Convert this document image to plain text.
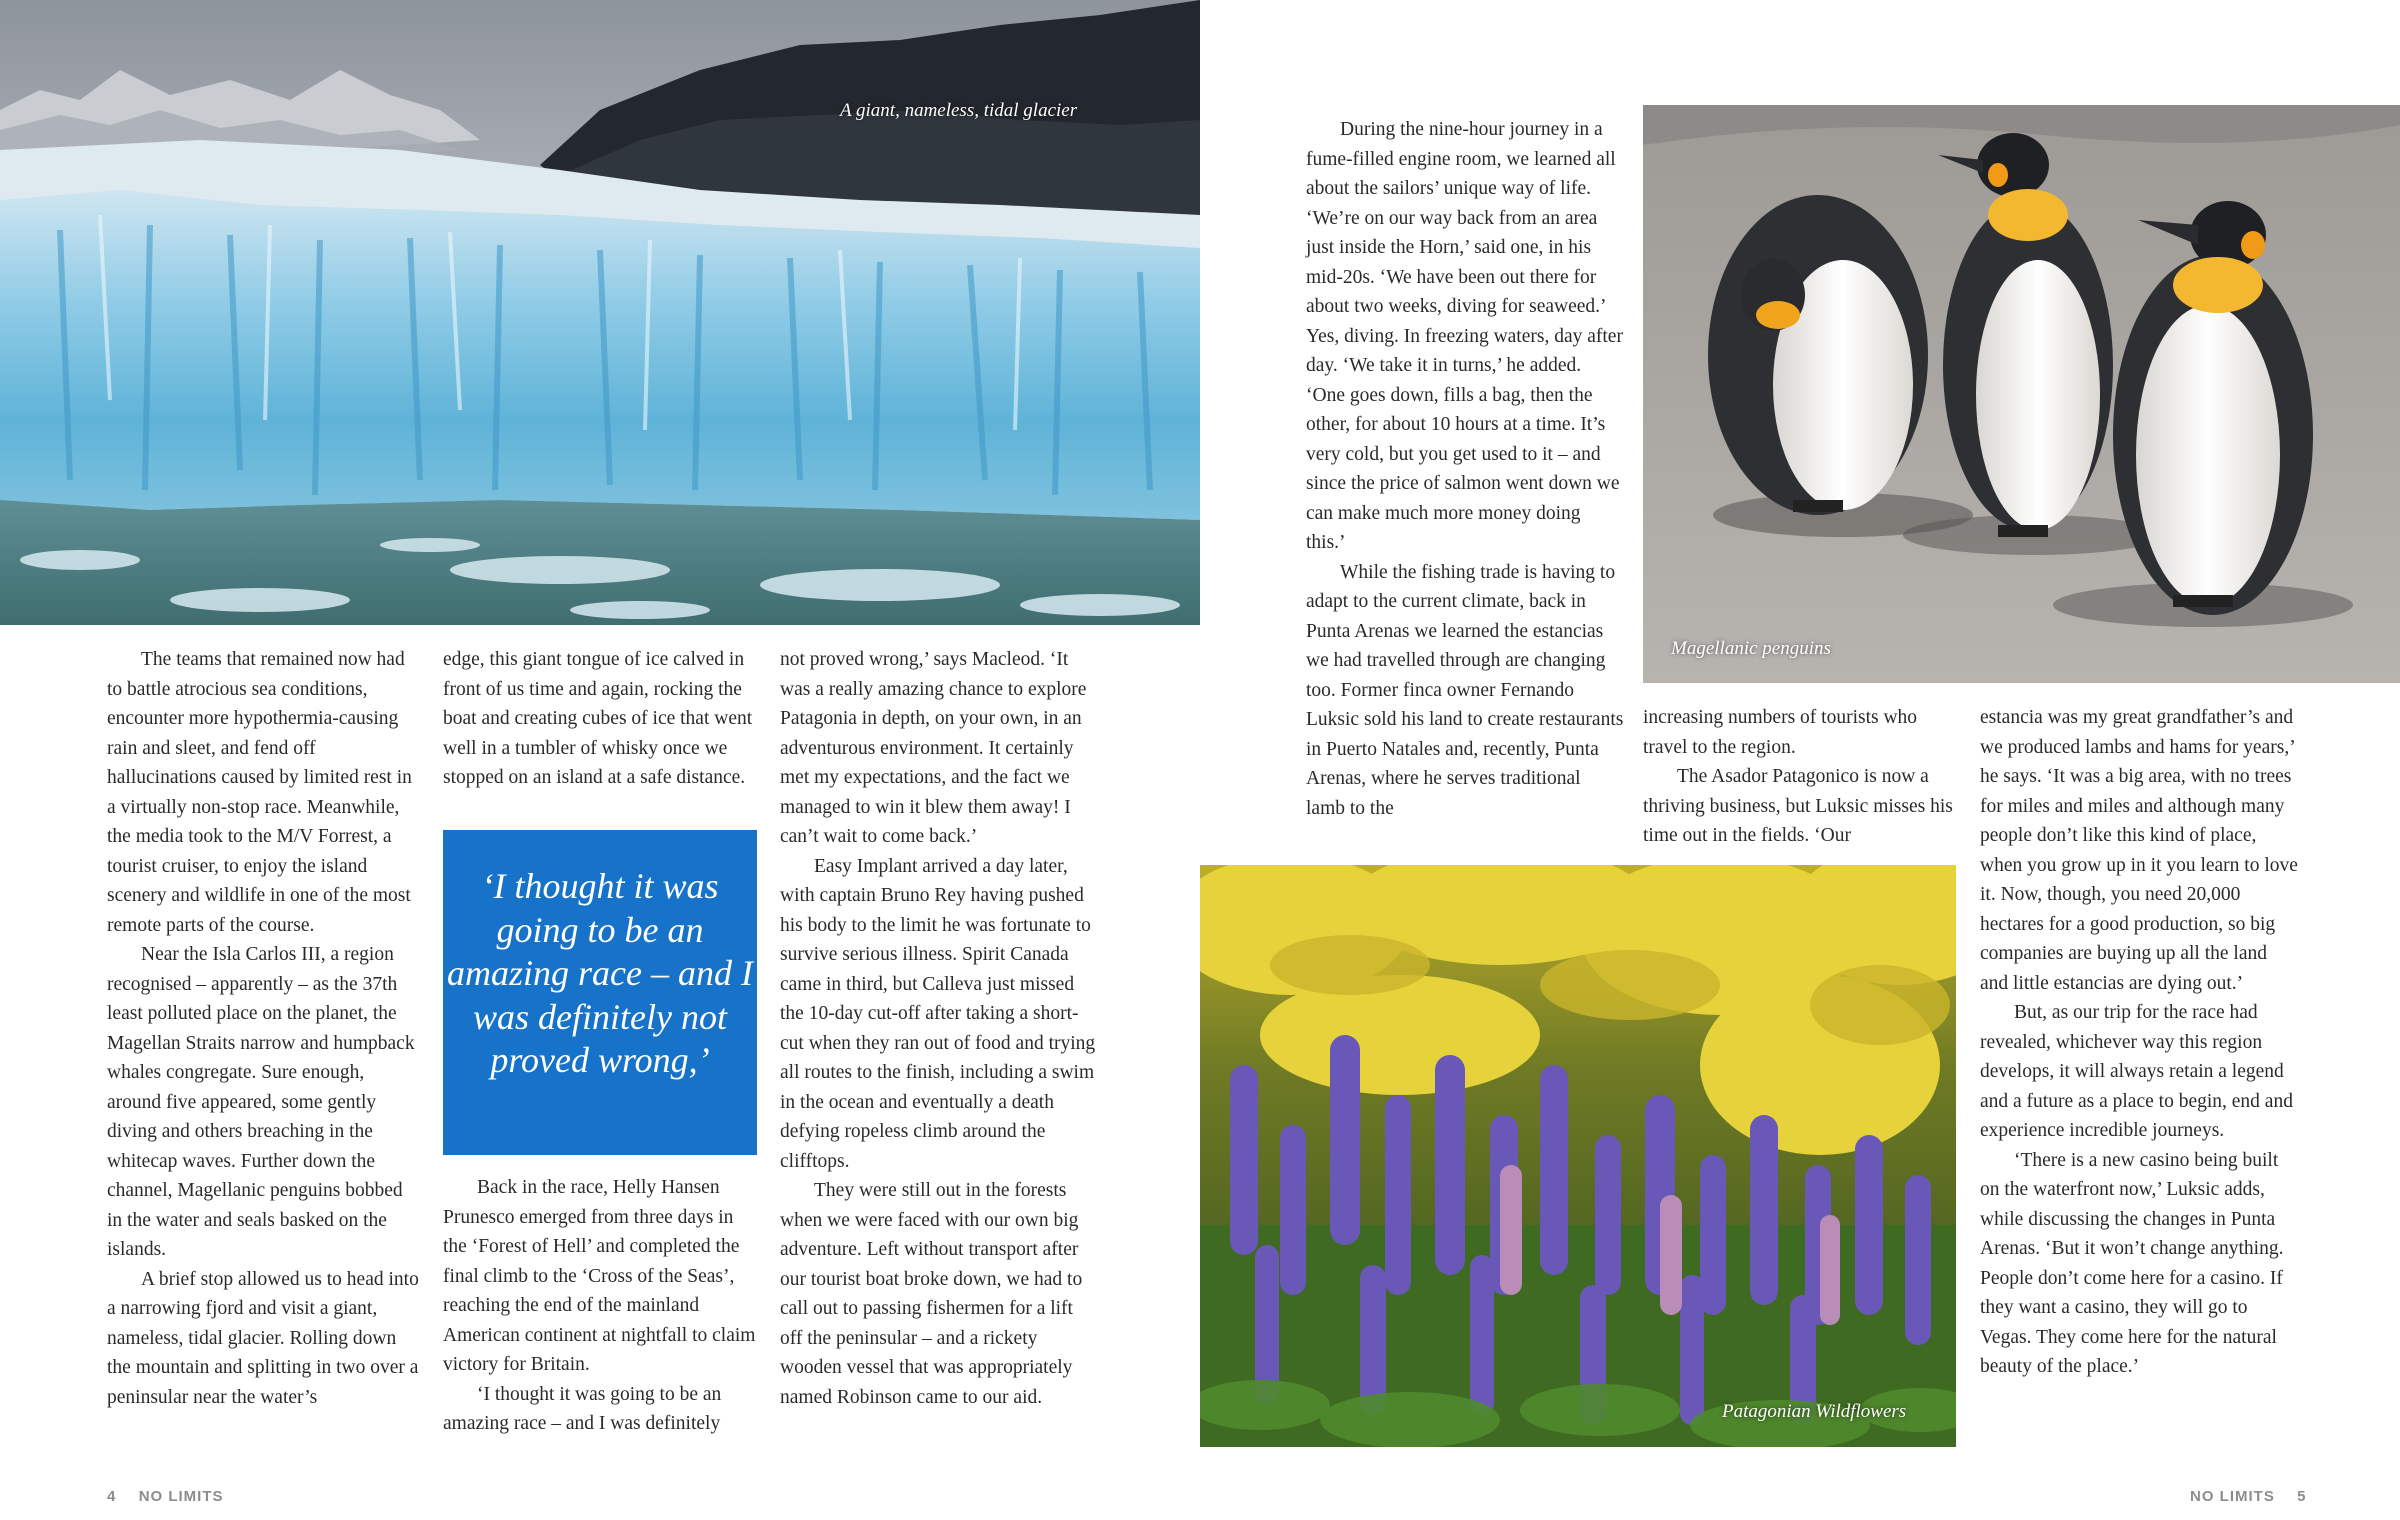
A giant, nameless, tidal glacier
Magellanic penguins
Patagonian Wildflowers
‘I thought it was going to be an amazing race – and I was definitely not proved wrong,’

The teams that remained now had to battle atrocious sea conditions, encounter more hypothermia-causing rain and sleet, and fend off hallucinations caused by limited rest in a virtually non-stop race. Meanwhile, the media took to the M/V Forrest, a tourist cruiser, to enjoy the island scenery and wildlife in one of the most remote parts of the course.

Near the Isla Carlos III, a region recognised – apparently – as the 37th least polluted place on the planet, the Magellan Straits narrow and humpback whales congregate. Sure enough, around five appeared, some gently diving and others breaching in the whitecap waves. Further down the channel, Magellanic penguins bobbed in the water and seals basked on the islands.

A brief stop allowed us to head into a narrowing fjord and visit a giant, nameless, tidal glacier. Rolling down the mountain and splitting in two over a peninsular near the water’s

edge, this giant tongue of ice calved in front of us time and again, rocking the boat and creating cubes of ice that went well in a tumbler of whisky once we stopped on an island at a safe distance.

Back in the race, Helly Hansen Prunesco emerged from three days in the ‘Forest of Hell’ and completed the final climb to the ‘Cross of the Seas’, reaching the end of the mainland American continent at nightfall to claim victory for Britain.

‘I thought it was going to be an amazing race – and I was definitely

not proved wrong,’ says Macleod. ‘It was a really amazing chance to explore Patagonia in depth, on your own, in an adventurous environment. It certainly met my expectations, and the fact we managed to win it blew them away! I can’t wait to come back.’

Easy Implant arrived a day later, with captain Bruno Rey having pushed his body to the limit he was fortunate to survive serious illness. Spirit Canada came in third, but Calleva just missed the 10-day cut-off after taking a short-cut when they ran out of food and trying all routes to the finish, including a swim in the ocean and eventually a death defying ropeless climb around the clifftops.

They were still out in the forests when we were faced with our own big adventure. Left without transport after our tourist boat broke down, we had to call out to passing fishermen for a lift off the peninsular – and a rickety wooden vessel that was appropriately named Robinson came to our aid.

During the nine-hour journey in a fume-filled engine room, we learned all about the sailors’ unique way of life. ‘We’re on our way back from an area just inside the Horn,’ said one, in his mid-20s. ‘We have been out there for about two weeks, diving for seaweed.’ Yes, diving. In freezing waters, day after day. ‘We take it in turns,’ he added. ‘One goes down, fills a bag, then the other, for about 10 hours at a time. It’s very cold, but you get used to it – and since the price of salmon went down we can make much more money doing this.’

While the fishing trade is having to adapt to the current climate, back in Punta Arenas we learned the estancias we had travelled through are changing too. Former finca owner Fernando Luksic sold his land to create restaurants in Puerto Natales and, recently, Punta Arenas, where he serves traditional lamb to the

increasing numbers of tourists who travel to the region.

The Asador Patagonico is now a thriving business, but Luksic misses his time out in the fields. ‘Our

estancia was my great grandfather’s and we produced lambs and hams for years,’ he says. ‘It was a big area, with no trees for miles and miles and although many people don’t like this kind of place, when you grow up in it you learn to love it. Now, though, you need 20,000 hectares for a good production, so big companies are buying up all the land and little estancias are dying out.’

But, as our trip for the race had revealed, whichever way this region develops, it will always retain a legend and a future as a place to begin, end and experience incredible journeys.

‘There is a new casino being built on the waterfront now,’ Luksic adds, while discussing the changes in Punta Arenas. ‘But it won’t change anything. People don’t come here for a casino. If they want a casino, they will go to Vegas. They come here for the natural beauty of the place.’

4 NO LIMITS	NO LIMITS 5
